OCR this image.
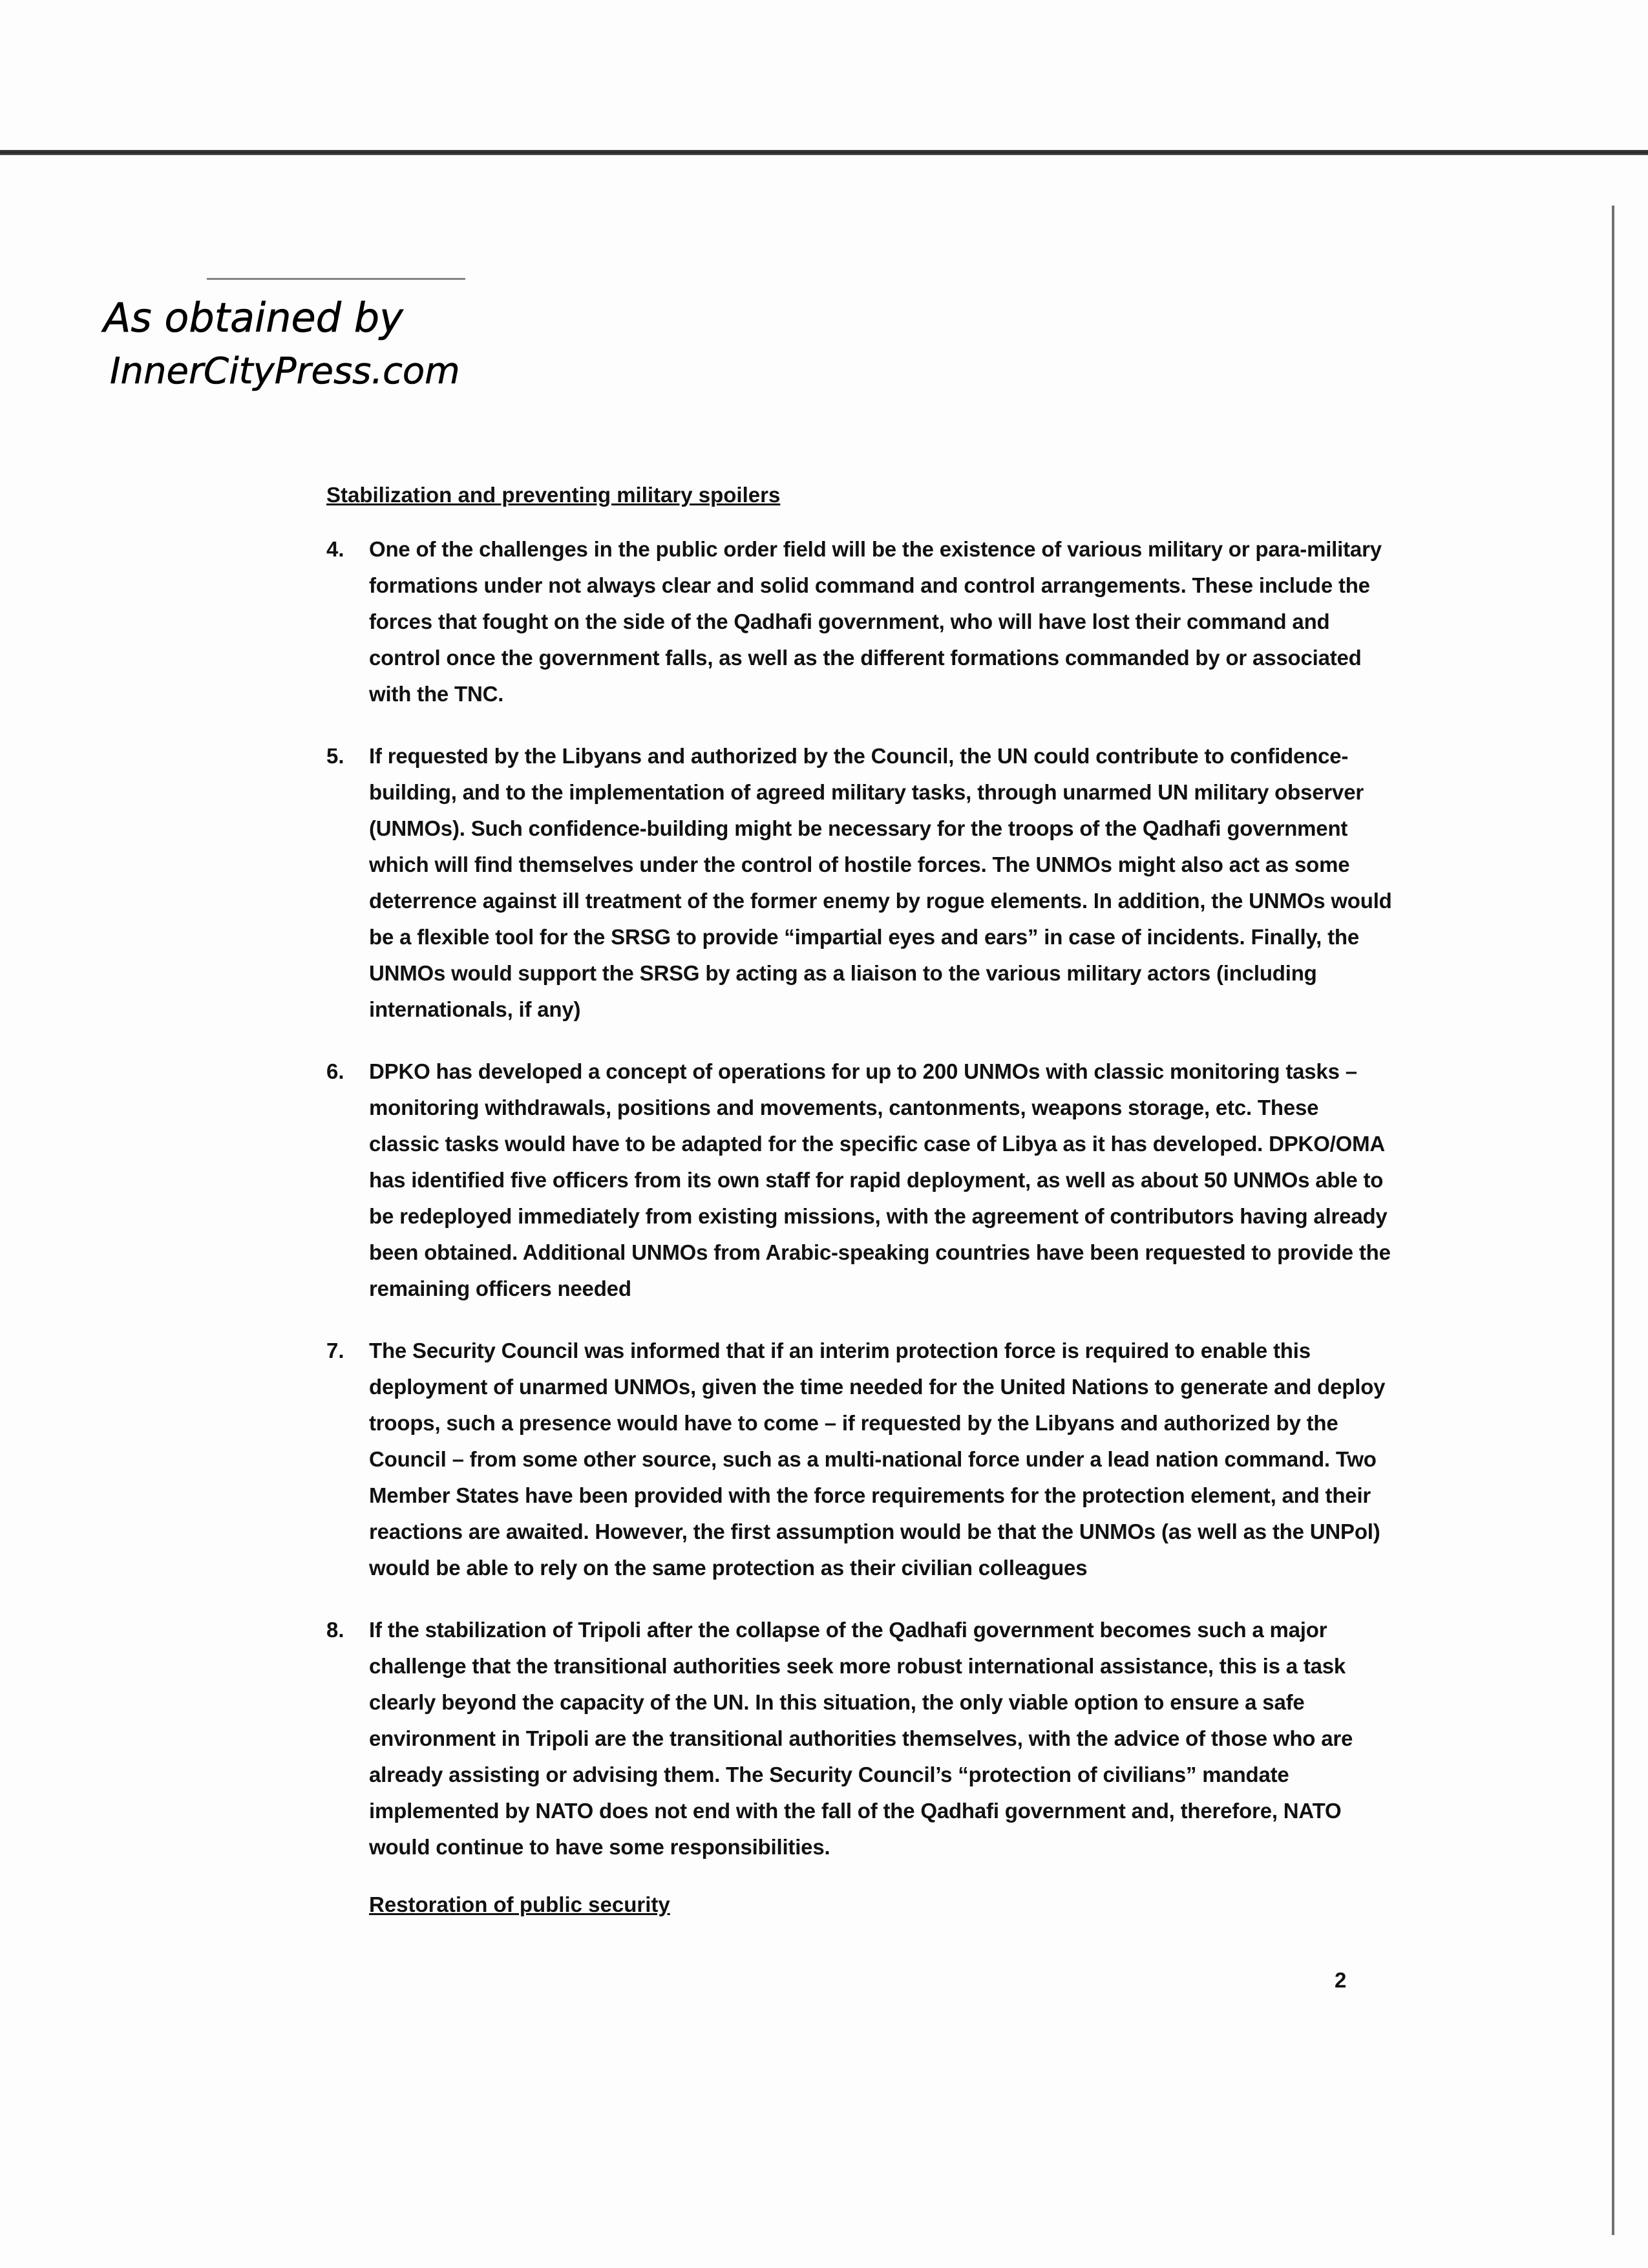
As obtained by
InnerCityPress.com
Stabilization and preventing military spoilers
4.	One of the challenges in the public order field will be the existence of various military or para-military formations under not always clear and solid command and control arrangements. These include the forces that fought on the side of the Qadhafi government, who will have lost their command and control once the government falls, as well as the different formations commanded by or associated with the TNC.
5.	If requested by the Libyans and authorized by the Council, the UN could contribute to confidence-building, and to the implementation of agreed military tasks, through unarmed UN military observer (UNMOs). Such confidence-building might be necessary for the troops of the Qadhafi government which will find themselves under the control of hostile forces. The UNMOs might also act as some deterrence against ill treatment of the former enemy by rogue elements. In addition, the UNMOs would be a flexible tool for the SRSG to provide “impartial eyes and ears” in case of incidents. Finally, the UNMOs would support the SRSG by acting as a liaison to the various military actors (including internationals, if any)
6.	DPKO has developed a concept of operations for up to 200 UNMOs with classic monitoring tasks – monitoring withdrawals, positions and movements, cantonments, weapons storage, etc. These classic tasks would have to be adapted for the specific case of Libya as it has developed. DPKO/OMA has identified five officers from its own staff for rapid deployment, as well as about 50 UNMOs able to be redeployed immediately from existing missions, with the agreement of contributors having already been obtained. Additional UNMOs from Arabic-speaking countries have been requested to provide the remaining officers needed
7.	The Security Council was informed that if an interim protection force is required to enable this deployment of unarmed UNMOs, given the time needed for the United Nations to generate and deploy troops, such a presence would have to come – if requested by the Libyans and authorized by the Council – from some other source, such as a multi-national force under a lead nation command. Two Member States have been provided with the force requirements for the protection element, and their reactions are awaited. However, the first assumption would be that the UNMOs (as well as the UNPol) would be able to rely on the same protection as their civilian colleagues
8.	If the stabilization of Tripoli after the collapse of the Qadhafi government becomes such a major challenge that the transitional authorities seek more robust international assistance, this is a task clearly beyond the capacity of the UN. In this situation, the only viable option to ensure a safe environment in Tripoli are the transitional authorities themselves, with the advice of those who are already assisting or advising them. The Security Council’s “protection of civilians” mandate implemented by NATO does not end with the fall of the Qadhafi government and, therefore, NATO would continue to have some responsibilities.
Restoration of public security
2
